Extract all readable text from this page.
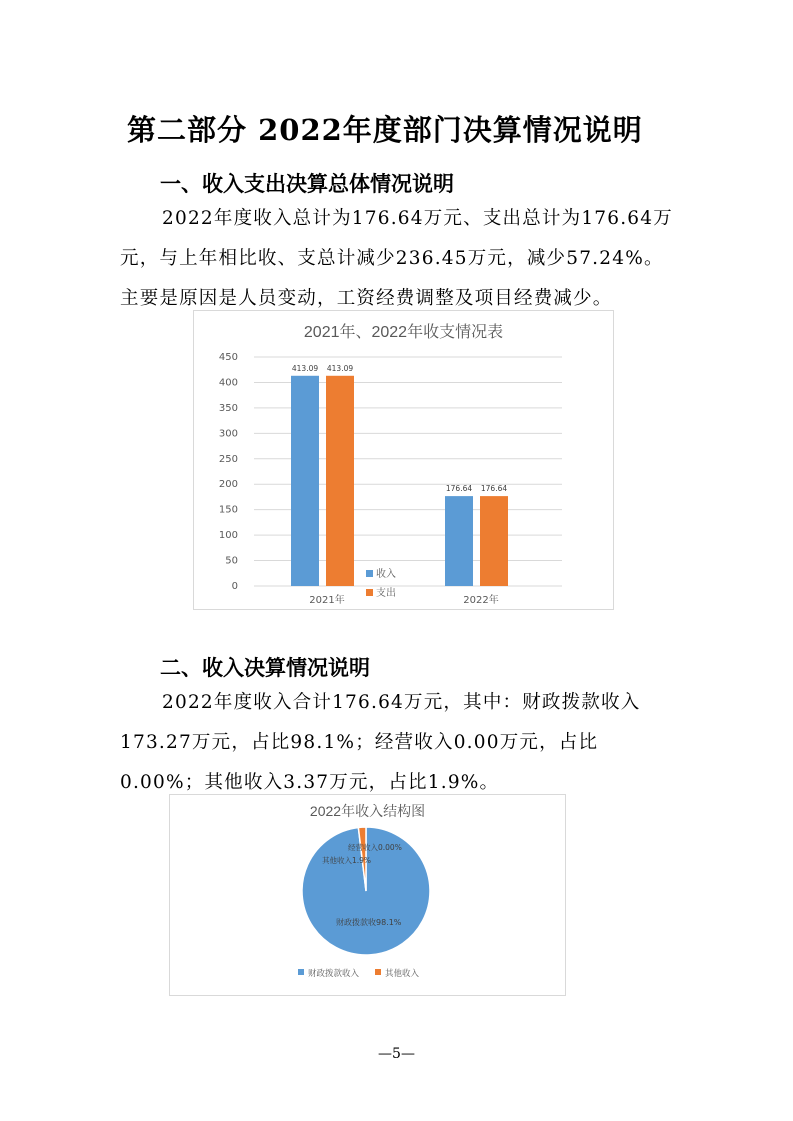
第二部分 2022年度部门决算情况说明
一、收入支出决算总体情况说明

2022年度收入总计为176.64万元、支出总计为176.64万元，与上年相比收、支总计减少236.45万元，减少57.24%。主要是原因是人员变动，工资经费调整及项目经费减少。

2021年、2022年收支情况表
0
50
100
150
200
250
300
350
400
450
413.09 413.09
2021年
176.64 176.64
2022年
收入
支出
二、收入决算情况说明

2022年度收入合计176.64万元，其中：财政拨款收入173.27万元，占比98.1%；经营收入0.00万元，占比0.00%；其他收入3.37万元，占比1.9%。

2022年收入结构图
财政拨款收98.1%
其他收入1.9%
经营收入0.00%
财政拨款收入	其他收入
—5—
